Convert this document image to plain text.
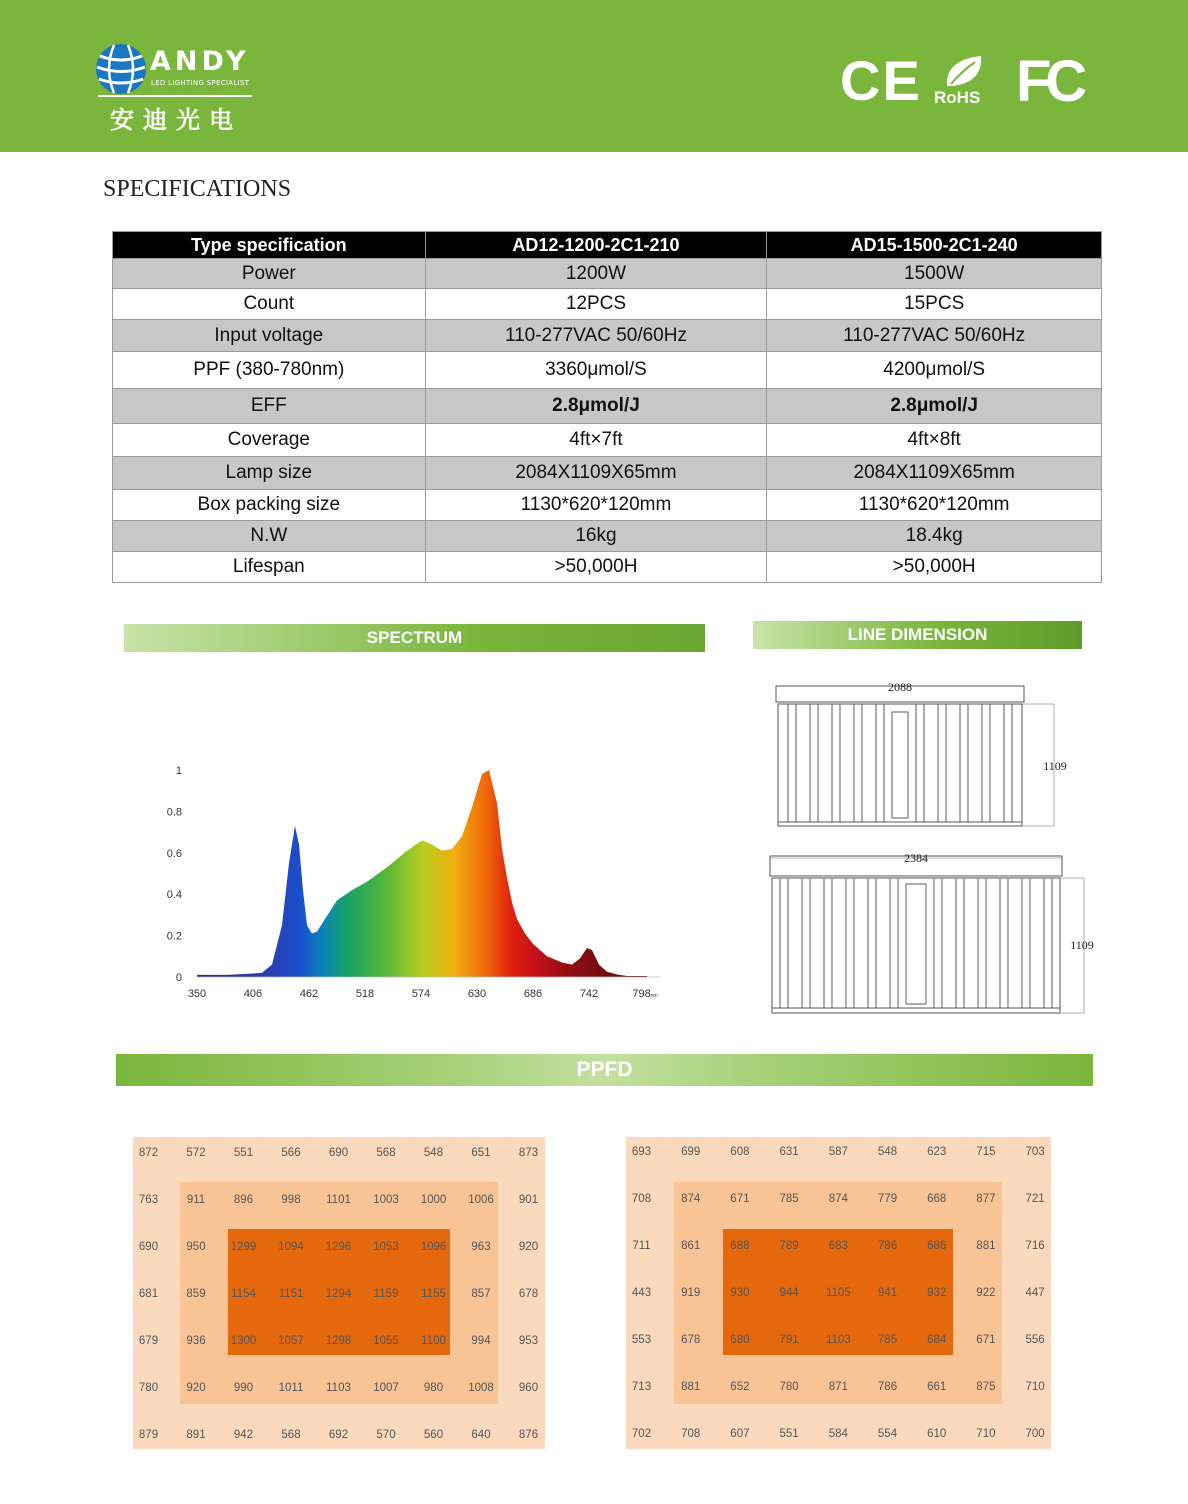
ANDY
LED LIGHTING SPECIALIST
安迪光电
CE RoHS FC
SPECIFICATIONS
Type specification	AD12-1200-2C1-210	AD15-1500-2C1-240
Power	1200W	1500W
Count	12PCS	15PCS
Input voltage	110-277VAC 50/60Hz	110-277VAC 50/60Hz
PPF (380-780nm)	3360μmol/S	4200μmol/S
EFF	2.8μmol/J	2.8μmol/J
Coverage	4ft×7ft	4ft×8ft
Lamp size	2084X1109X65mm	2084X1109X65mm
Box packing size	1130*620*120mm	1130*620*120mm
N.W	16kg	18.4kg
Lifespan	>50,000H	>50,000H
SPECTRUM	LINE DIMENSION
0
0.2
0.4
0.6
0.8
1
350	406	462	518	574	630	686	742	798nm
2088
1109
2384
1109
PPFD
872	572	551	566	690	568	548	651	873
763	911	896	998	1101	1003	1000	1006	901
690	950	1299	1094	1296	1053	1096	963	920
681	859	1154	1151	1294	1159	1155	857	678
679	936	1300	1057	1298	1055	1100	994	953
780	920	990	1011	1103	1007	980	1008	960
879	891	942	568	692	570	560	640	876
693	699	608	631	587	548	623	715	703
708	874	671	785	874	779	668	877	721
711	861	688	789	683	786	686	881	716
443	919	930	944	1105	941	932	922	447
553	678	680	791	1103	785	684	671	556
713	881	652	780	871	786	661	875	710
702	708	607	551	584	554	610	710	700
